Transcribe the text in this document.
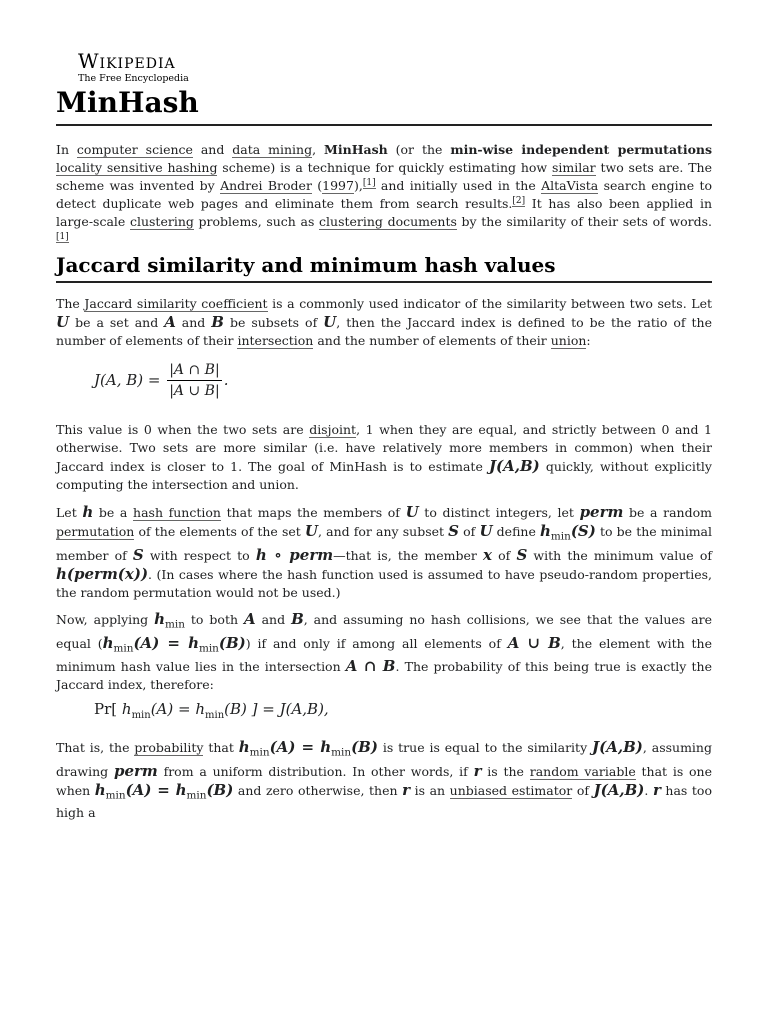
Wikipedia
The Free Encyclopedia
MinHash

In computer science and data mining, MinHash (or the min-wise independent permutations locality sensitive hashing scheme) is a technique for quickly estimating how similar two sets are. The scheme was invented by Andrei Broder (1997),[1] and initially used in the AltaVista search engine to detect duplicate web pages and eliminate them from search results.[2] It has also been applied in large-scale clustering problems, such as clustering documents by the similarity of their sets of words.[1]

Jaccard similarity and minimum hash values

The Jaccard similarity coefficient is a commonly used indicator of the similarity between two sets. Let U be a set and A and B be subsets of U, then the Jaccard index is defined to be the ratio of the number of elements of their intersection and the number of elements of their union:

J(A, $B) = \frac{|A \cap B|}{|A \cup B|}$ .

This value is 0 when the two sets are disjoint, 1 when they are equal, and strictly between 0 and 1 otherwise. Two sets are more similar (i.e. have relatively more members in common) when their Jaccard index is closer to 1. The goal of MinHash is to estimate J(A,B) quickly, without explicitly computing the intersection and union.

Let h be a hash function that maps the members of U to distinct integers, let perm be a random permutation of the elements of the set U, and for any subset S of U define $h_{min}(S)$ to be the minimal member of S with respect to h ∘ perm—that is, the member x of S with the minimum value of h(perm(x)). (In cases where the hash function used is assumed to have pseudo-random properties, the random permutation would not be used.)

Now, applying $h_{min}$ to both A and B, and assuming no hash collisions, we see that the values are equal $(h_{min}(A) = h_{min}(B))$ if and only if among all elements of A ∪ B, the element with the minimum hash value lies in the intersection A ∩ B. The probability of this being true is exactly the Jaccard index, therefore:

Pr[ $h_{min}(A) = h_{min}(B)$ ] = J(A,B),

That is, the probability that $h_{min}(A) = h_{min}(B)$ is true is equal to the similarity J(A,B), assuming drawing perm from a uniform distribution. In other words, if r is the random variable that is one when $h_{min}(A) = h_{min}(B)$ and zero otherwise, then r is an unbiased estimator of J(A,B). r has too high a
